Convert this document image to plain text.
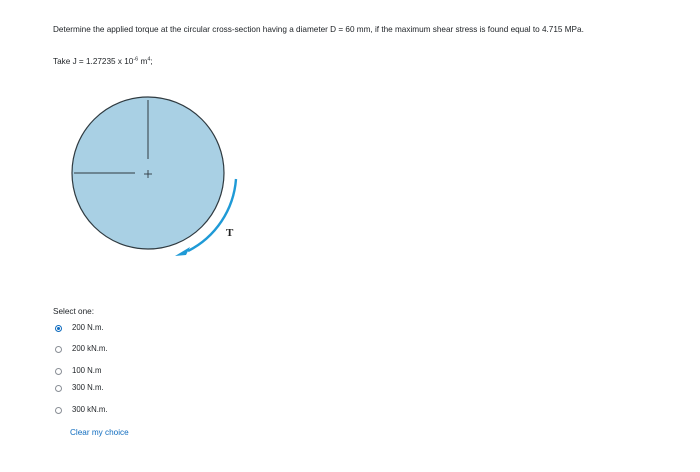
Determine the applied torque at the circular cross-section having a diameter D = 60 mm, if the maximum shear stress is found equal to 4.715 MPa.
Take J = 1.27235 x $10^{-6}$ $m^4$;
T
Select one:
200 N.m.
200 kN.m.
100 N.m
300 N.m.
300 kN.m.
Clear my choice
